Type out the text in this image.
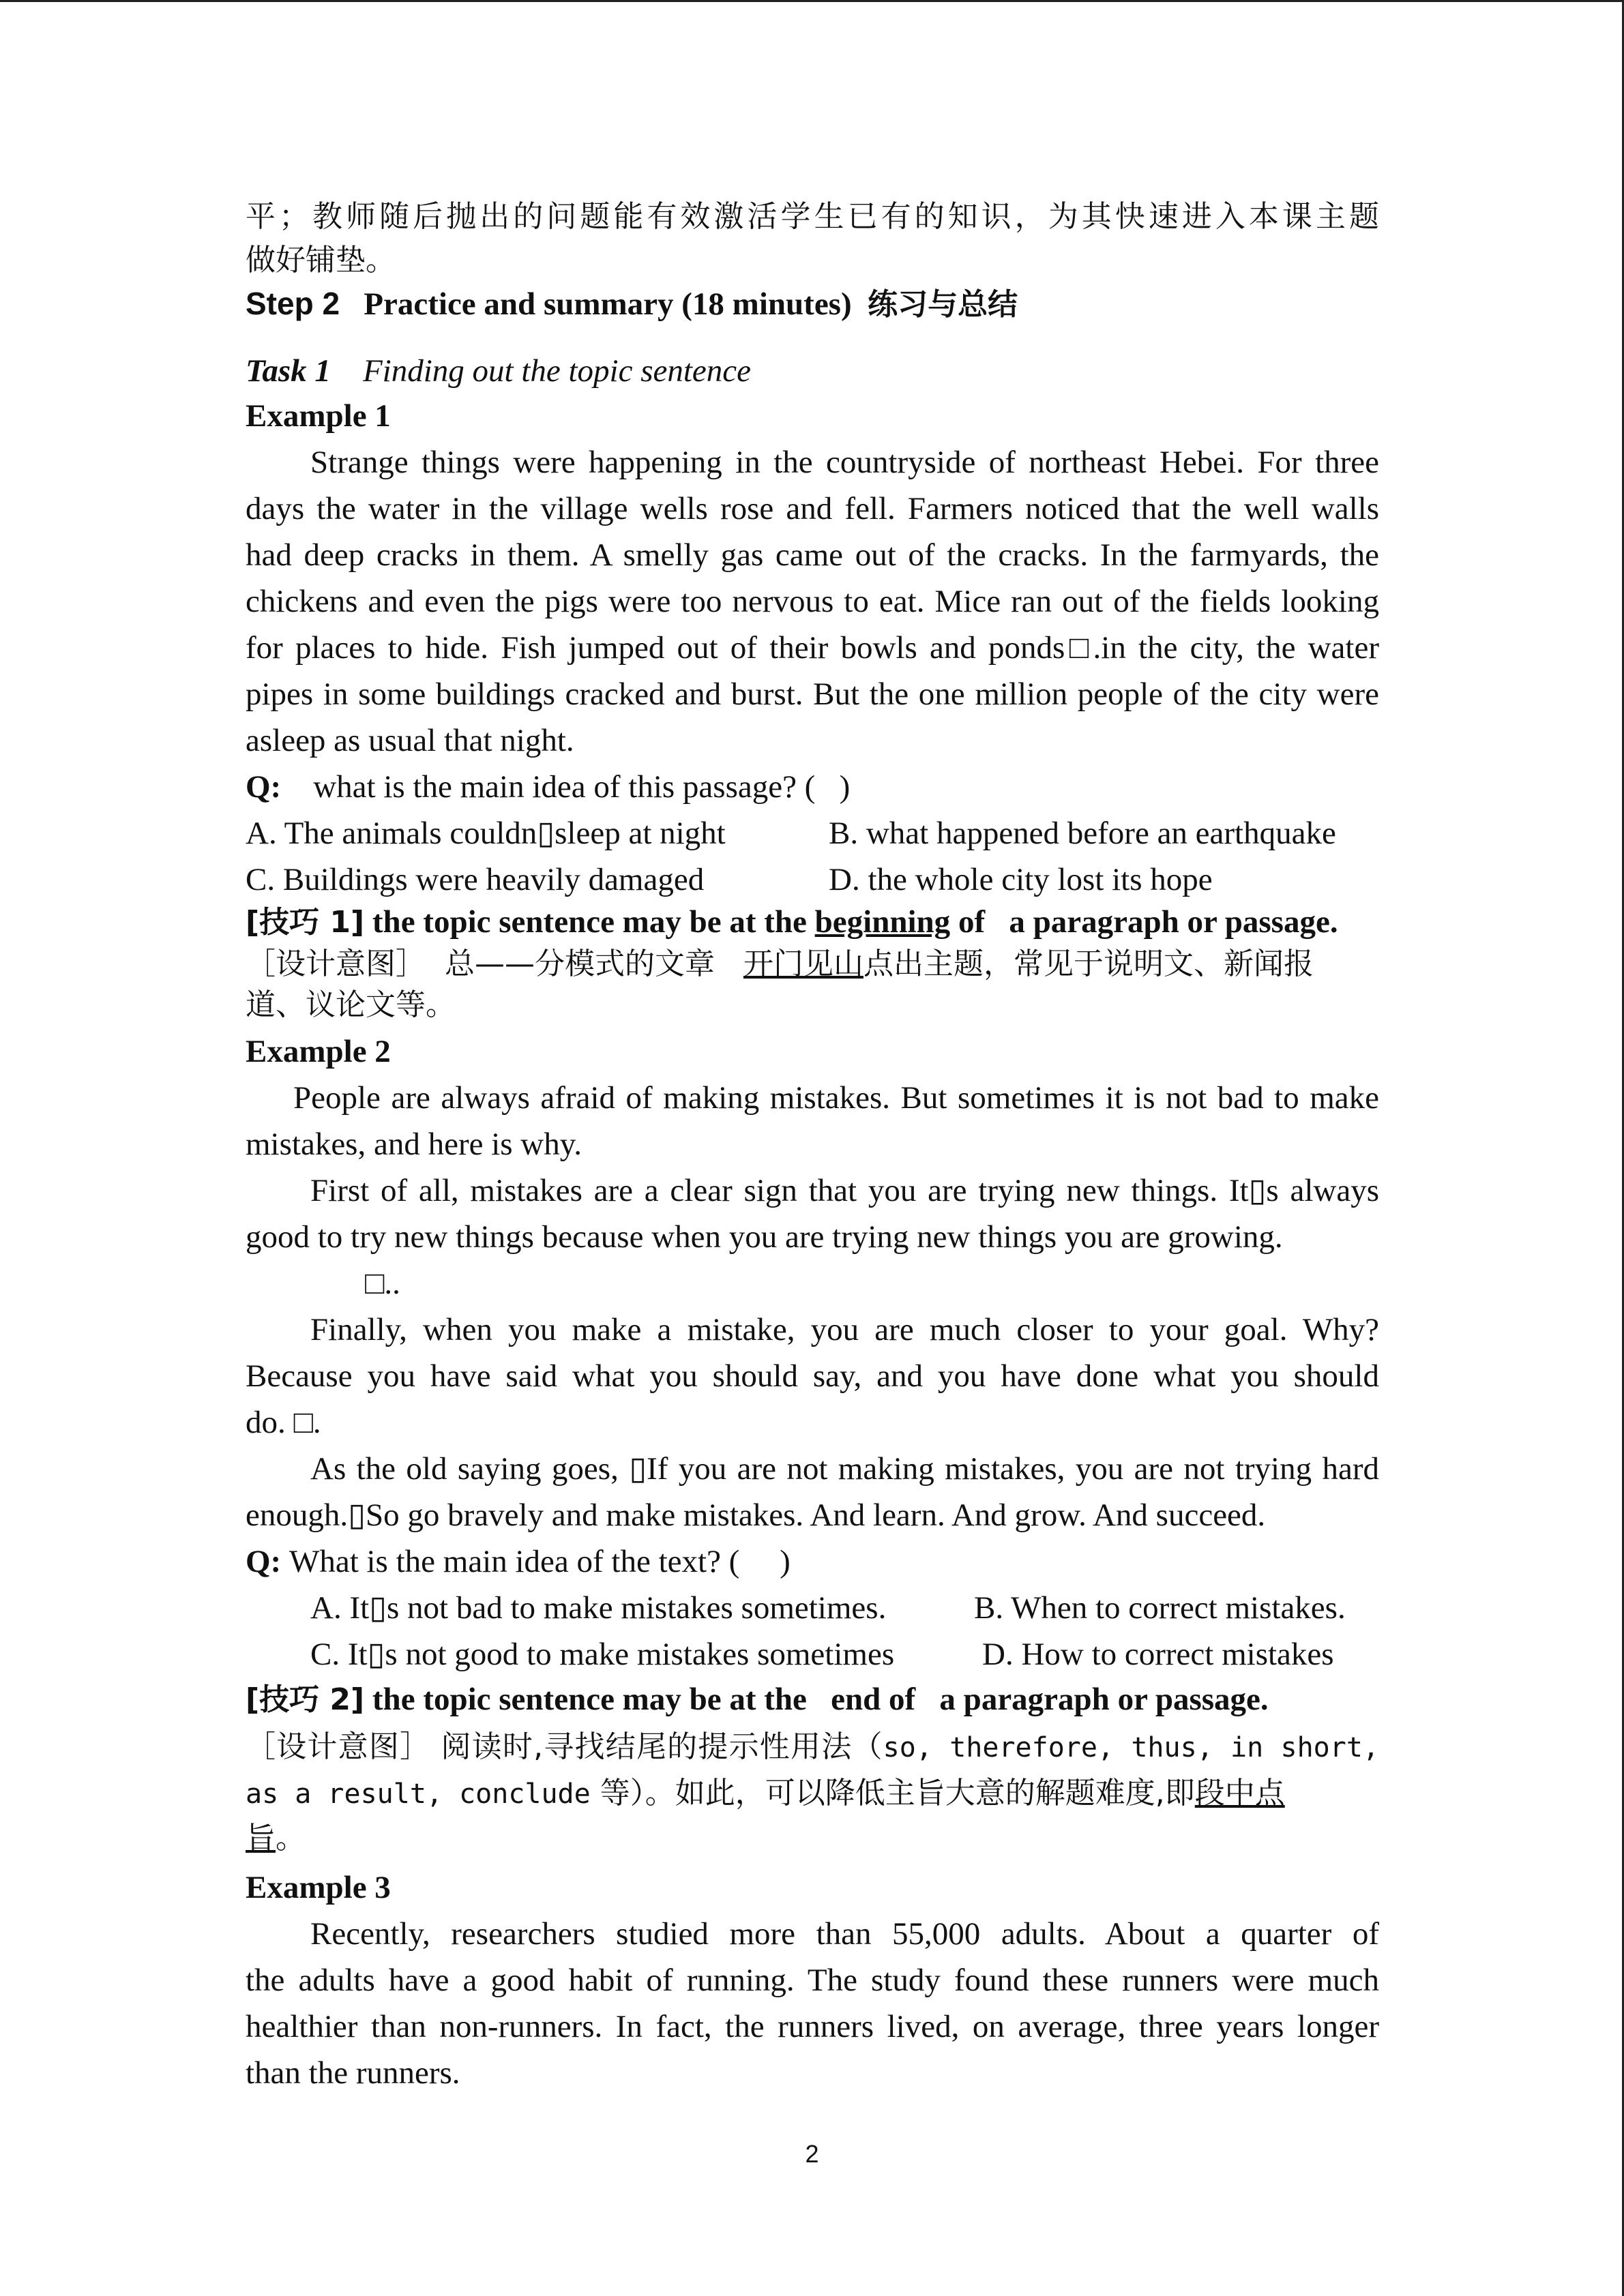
平；教师随后抛出的问题能有效激活学生已有的知识，为其快速进入本课主题
做好铺垫。
Step 2 Practice and summary (18 minutes) 练习与总结
Task 1 Finding out the topic sentence
Example 1
Strange things were happening in the countryside of northeast Hebei. For three
days the water in the village wells rose and fell. Farmers noticed that the well walls
had deep cracks in them. A smelly gas came out of the cracks. In the farmyards, the
chickens and even the pigs were too nervous to eat. Mice ran out of the fields looking
for places to hide. Fish jumped out of their bowls and ponds□.in the city, the water
pipes in some buildings cracked and burst. But the one million people of the city were
asleep as usual that night.
Q: what is the main idea of this passage? (   )
A. The animals couldn▯sleep at night	B. what happened before an earthquake
C. Buildings were heavily damaged	D. the whole city lost its hope
[技巧 1] the topic sentence may be at the beginning of   a paragraph or passage.
［设计意图］ 总——分模式的文章 开门见山点出主题，常见于说明文、新闻报
道、议论文等。
Example 2
People are always afraid of making mistakes. But sometimes it is not bad to make
mistakes, and here is why.
First of all, mistakes are a clear sign that you are trying new things. It▯s always
good to try new things because when you are trying new things you are growing.
□..
Finally, when you make a mistake, you are much closer to your goal. Why?
Because you have said what you should say, and you have done what you should
do. □.
As the old saying goes, ▯If you are not making mistakes, you are not trying hard
enough.▯So go bravely and make mistakes. And learn. And grow. And succeed.
Q: What is the main idea of the text? (     )
A. It▯s not bad to make mistakes sometimes.	B. When to correct mistakes.
C. It▯s not good to make mistakes sometimes	D. How to correct mistakes
[技巧 2] the topic sentence may be at the   end of   a paragraph or passage.
［设计意图］ 阅读时,寻找结尾的提示性用法（so, therefore, thus, in short,
as a result, conclude 等）。如此，可以降低主旨大意的解题难度,即段中点
旨。
Example 3
Recently, researchers studied more than 55,000 adults. About a quarter of
the adults have a good habit of running. The study found these runners were much
healthier than non-runners. In fact, the runners lived, on average, three years longer
than the runners.
2
